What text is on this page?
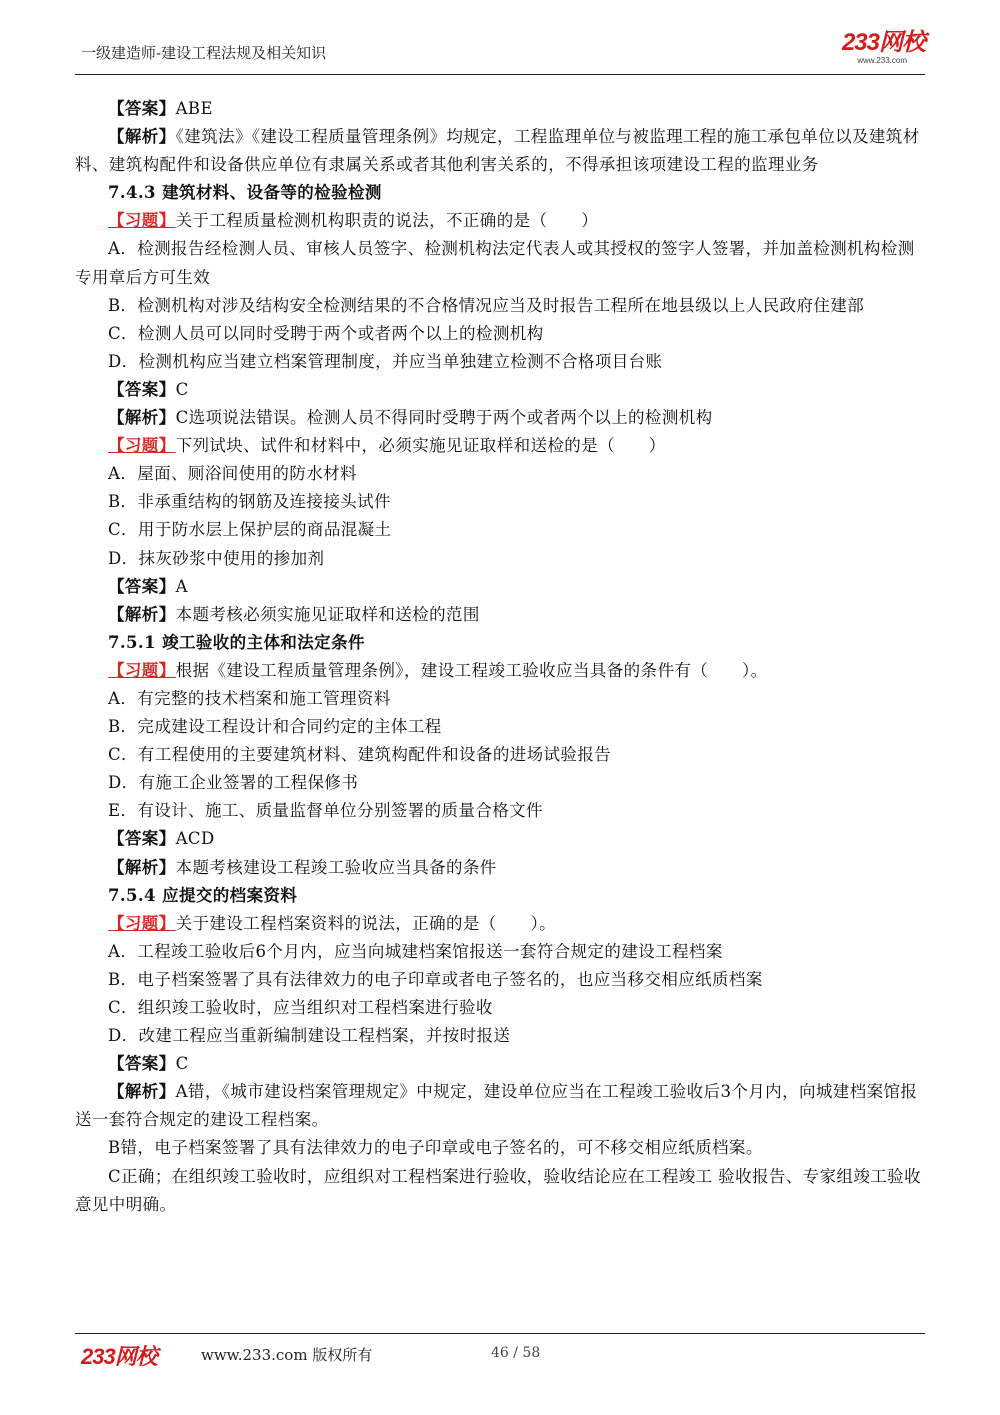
一级建造师-建设工程法规及相关知识	233网校
www.233.com

【答案】ABE

【解析】《建筑法》《建设工程质量管理条例》均规定，工程监理单位与被监理工程的施工承包单位以及建筑材料、建筑构配件和设备供应单位有隶属关系或者其他利害关系的，不得承担该项建设工程的监理业务

7.4.3 建筑材料、设备等的检验检测

【习题】关于工程质量检测机构职责的说法，不正确的是（　　）

A．检测报告经检测人员、审核人员签字、检测机构法定代表人或其授权的签字人签署，并加盖检测机构检测专用章后方可生效

B．检测机构对涉及结构安全检测结果的不合格情况应当及时报告工程所在地县级以上人民政府住建部

C．检测人员可以同时受聘于两个或者两个以上的检测机构

D．检测机构应当建立档案管理制度，并应当单独建立检测不合格项目台账

【答案】C

【解析】C选项说法错误。检测人员不得同时受聘于两个或者两个以上的检测机构

【习题】下列试块、试件和材料中，必须实施见证取样和送检的是（　　）

A．屋面、厕浴间使用的防水材料

B．非承重结构的钢筋及连接接头试件

C．用于防水层上保护层的商品混凝土

D．抹灰砂浆中使用的掺加剂

【答案】A

【解析】本题考核必须实施见证取样和送检的范围

7.5.1 竣工验收的主体和法定条件

【习题】根据《建设工程质量管理条例》，建设工程竣工验收应当具备的条件有（　　）。

A．有完整的技术档案和施工管理资料

B．完成建设工程设计和合同约定的主体工程

C．有工程使用的主要建筑材料、建筑构配件和设备的进场试验报告

D．有施工企业签署的工程保修书

E．有设计、施工、质量监督单位分别签署的质量合格文件

【答案】ACD

【解析】本题考核建设工程竣工验收应当具备的条件

7.5.4 应提交的档案资料

【习题】关于建设工程档案资料的说法，正确的是（　　）。

A．工程竣工验收后6个月内，应当向城建档案馆报送一套符合规定的建设工程档案

B．电子档案签署了具有法律效力的电子印章或者电子签名的，也应当移交相应纸质档案

C．组织竣工验收时，应当组织对工程档案进行验收

D．改建工程应当重新编制建设工程档案，并按时报送

【答案】C

【解析】A错，《城市建设档案管理规定》中规定，建设单位应当在工程竣工验收后3个月内，向城建档案馆报送一套符合规定的建设工程档案。

B错，电子档案签署了具有法律效力的电子印章或电子签名的，可不移交相应纸质档案。

C正确；在组织竣工验收时，应组织对工程档案进行验收，验收结论应在工程竣工 验收报告、专家组竣工验收意见中明确。

233网校	www.233.com 版权所有	46 / 58
